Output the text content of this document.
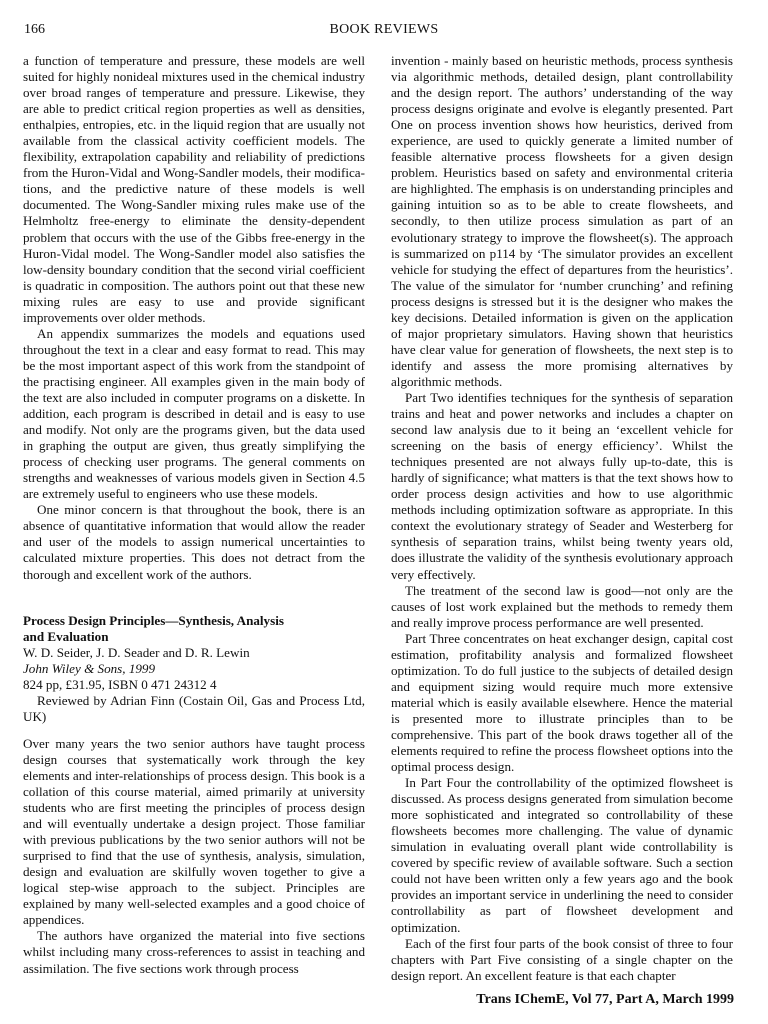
166	BOOK REVIEWS

a function of temperature and pressure, these models are well suited for highly nonideal mixtures used in the chemical industry over broad ranges of temperature and pressure. Likewise, they are able to predict critical region properties as well as densities, enthalpies, entropies, etc. in the liquid region that are usually not available from the classical activity coefficient models. The flexibility, extrapolation capability and reliability of predictions from the Huron-Vidal and Wong-Sandler models, their modifications, and the predictive nature of these models is well documented. The Wong-Sandler mixing rules make use of the Helmholtz free-energy to eliminate the density-dependent problem that occurs with the use of the Gibbs free-energy in the Huron-Vidal model. The Wong-Sandler model also satisfies the low-density boundary condition that the second virial coefficient is quadratic in composition. The authors point out that these new mixing rules are easy to use and provide significant improvements over older methods.

An appendix summarizes the models and equations used throughout the text in a clear and easy format to read. This may be the most important aspect of this work from the standpoint of the practising engineer. All examples given in the main body of the text are also included in computer programs on a diskette. In addition, each program is described in detail and is easy to use and modify. Not only are the programs given, but the data used in graphing the output are given, thus greatly simplifying the process of checking user programs. The general comments on strengths and weaknesses of various models given in Section 4.5 are extremely useful to engineers who use these models.

One minor concern is that throughout the book, there is an absence of quantitative information that would allow the reader and user of the models to assign numerical uncertainties to calculated mixture properties. This does not detract from the thorough and excellent work of the authors.

Process Design Principles—Synthesis, Analysis
and Evaluation
W. D. Seider, J. D. Seader and D. R. Lewin
John Wiley & Sons, 1999
824 pp, £31.95, ISBN 0 471 24312 4

Reviewed by Adrian Finn (Costain Oil, Gas and Process Ltd, UK)

Over many years the two senior authors have taught process design courses that systematically work through the key elements and inter-relationships of process design. This book is a collation of this course material, aimed primarily at university students who are first meeting the principles of process design and will eventually undertake a design project. Those familiar with previous publications by the two senior authors will not be surprised to find that the use of synthesis, analysis, simulation, design and evaluation are skilfully woven together to give a logical step-wise approach to the subject. Principles are explained by many well-selected examples and a good choice of appendices.

The authors have organized the material into five sections whilst including many cross-references to assist in teaching and assimilation. The five sections work through process

invention - mainly based on heuristic methods, process synthesis via algorithmic methods, detailed design, plant controllability and the design report. The authors’ understanding of the way process designs originate and evolve is elegantly presented. Part One on process invention shows how heuristics, derived from experience, are used to quickly generate a limited number of feasible alternative process flowsheets for a given design problem. Heuristics based on safety and environmental criteria are highlighted. The emphasis is on understanding principles and gaining intuition so as to be able to create flowsheets, and secondly, to then utilize process simulation as part of an evolutionary strategy to improve the flowsheet(s). The approach is summarized on p114 by ‘The simulator provides an excellent vehicle for studying the effect of departures from the heuristics’. The value of the simulator for ‘number crunching’ and refining process designs is stressed but it is the designer who makes the key decisions. Detailed information is given on the application of major proprietary simulators. Having shown that heuristics have clear value for generation of flowsheets, the next step is to identify and assess the more promising alternatives by algorithmic methods.

Part Two identifies techniques for the synthesis of separation trains and heat and power networks and includes a chapter on second law analysis due to it being an ‘excellent vehicle for screening on the basis of energy efficiency’. Whilst the techniques presented are not always fully up-to-date, this is hardly of significance; what matters is that the text shows how to order process design activities and how to use algorithmic methods including optimization software as appropriate. In this context the evolutionary strategy of Seader and Westerberg for synthesis of separation trains, whilst being twenty years old, does illustrate the validity of the synthesis evolutionary approach very effectively.

The treatment of the second law is good—not only are the causes of lost work explained but the methods to remedy them and really improve process performance are well presented.

Part Three concentrates on heat exchanger design, capital cost estimation, profitability analysis and formalized flowsheet optimization. To do full justice to the subjects of detailed design and equipment sizing would require much more extensive material which is easily available elsewhere. Hence the material is presented more to illustrate principles than to be comprehensive. This part of the book draws together all of the elements required to refine the process flowsheet options into the optimal process design.

In Part Four the controllability of the optimized flowsheet is discussed. As process designs generated from simulation become more sophisticated and integrated so controllability of these flowsheets becomes more challenging. The value of dynamic simulation in evaluating overall plant wide controllability is covered by specific review of available software. Such a section could not have been written only a few years ago and the book provides an important service in underlining the need to consider controllability as part of flowsheet development and optimization.

Each of the first four parts of the book consist of three to four chapters with Part Five consisting of a single chapter on the design report. An excellent feature is that each chapter

Trans IChemE, Vol 77, Part A, March 1999
